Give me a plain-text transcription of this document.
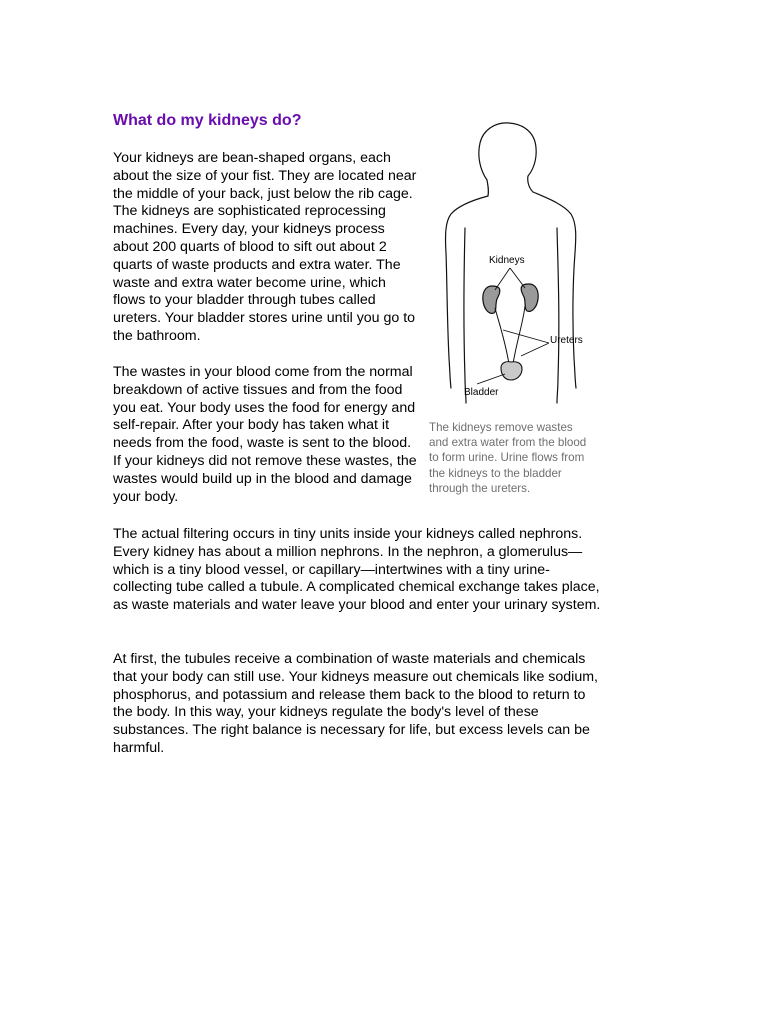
What do my kidneys do?

Your kidneys are bean-shaped organs, each about the size of your fist. They are located near the middle of your back, just below the rib cage. The kidneys are sophisticated reprocessing machines. Every day, your kidneys process about 200 quarts of blood to sift out about 2 quarts of waste products and extra water. The waste and extra water become urine, which flows to your bladder through tubes called ureters. Your bladder stores urine until you go to the bathroom.

The wastes in your blood come from the normal breakdown of active tissues and from the food you eat. Your body uses the food for energy and self-repair. After your body has taken what it needs from the food, waste is sent to the blood. If your kidneys did not remove these wastes, the wastes would build up in the blood and damage your body.

The actual filtering occurs in tiny units inside your kidneys called nephrons. Every kidney has about a million nephrons. In the nephron, a glomerulus—which is a tiny blood vessel, or capillary—intertwines with a tiny urine-collecting tube called a tubule. A complicated chemical exchange takes place, as waste materials and water leave your blood and enter your urinary system.

At first, the tubules receive a combination of waste materials and chemicals that your body can still use. Your kidneys measure out chemicals like sodium, phosphorus, and potassium and release them back to the blood to return to the body. In this way, your kidneys regulate the body's level of these substances. The right balance is necessary for life, but excess levels can be harmful.

Kidneys
Ureters
Bladder

The kidneys remove wastes and extra water from the blood to form urine. Urine flows from the kidneys to the bladder through the ureters.
